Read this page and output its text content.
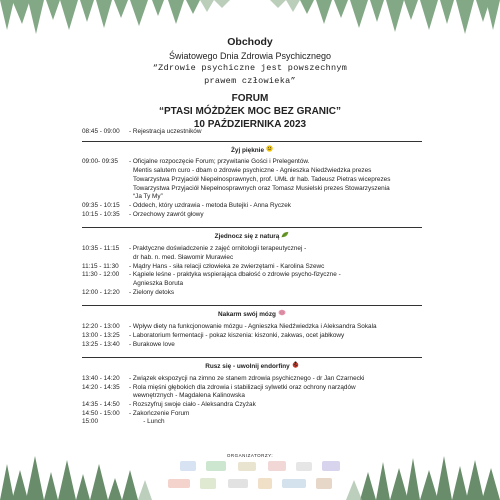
Obchody
Światowego Dnia Zdrowia Psychicznego
“Zdrowie psychiczne jest powszechnym
prawem człowieka”
FORUM
“PTASI MÓŻDŻEK MOC BEZ GRANIC”
10 PAŹDZIERNIKA 2023
08:45 - 09:00	- Rejestracja uczestników
Żyj pięknie
09:00- 09:35	- Oficjalne rozpoczęcie Forum; przywitanie Gości i Prelegentów.
Mentis salutem curo - dbam o zdrowie psychiczne - Agnieszka Niedźwiedzka prezes
Towarzystwa Przyjaciół Niepełnosprawnych, prof. UMŁ dr hab. Tadeusz Pietras wiceprezes
Towarzystwa Przyjaciół Niepełnosprawnych oraz Tomasz Musielski prezes Stowarzyszenia
“Ja Ty My”
09:35 - 10:15	- Oddech, który uzdrawia - metoda Butejki - Anna Ryczek
10:15 - 10:35	- Orzechowy zawrót głowy
Zjednocz się z naturą
10:35 - 11:15	- Praktyczne doświadczenie z zajęć ornitologii terapeutycznej -
dr hab. n. med. Sławomir Murawiec
11:15 - 11:30	- Mądry Hans - siła relacji człowieka ze zwierzętami - Karolina Szewc
11:30 - 12:00	- Kąpiele leśne - praktyka wspierająca dbałość o zdrowie psycho-fizyczne -
Agnieszka Boruta
12:00 - 12:20	- Zielony detoks
Nakarm swój mózg
12:20 - 13:00	- Wpływ diety na funkcjonowanie mózgu - Agnieszka Niedźwiedzka i Aleksandra Sokala
13:00 - 13:25	- Laboratorium fermentacji - pokaz kiszenia: kiszonki, zakwas, ocet jabłkowy
13:25 - 13:40	- Burakowe love
Rusz się - uwolnij endorfiny
13:40 - 14:20	- Związek ekspozycji na zimno ze stanem zdrowia psychicznego - dr Jan Czarnecki
14:20 - 14:35	- Rola mięśni głębokich dla zdrowia i stabilizacji sylwetki oraz ochrony narządów
wewnętrznych - Magdalena Kalinowska
14:35 - 14:50	- Rozszyfruj swoje ciało - Aleksandra Czyżak
14:50 - 15:00	- Zakończenie Forum
15:00	- Lunch
ORGANIZATORZY:
